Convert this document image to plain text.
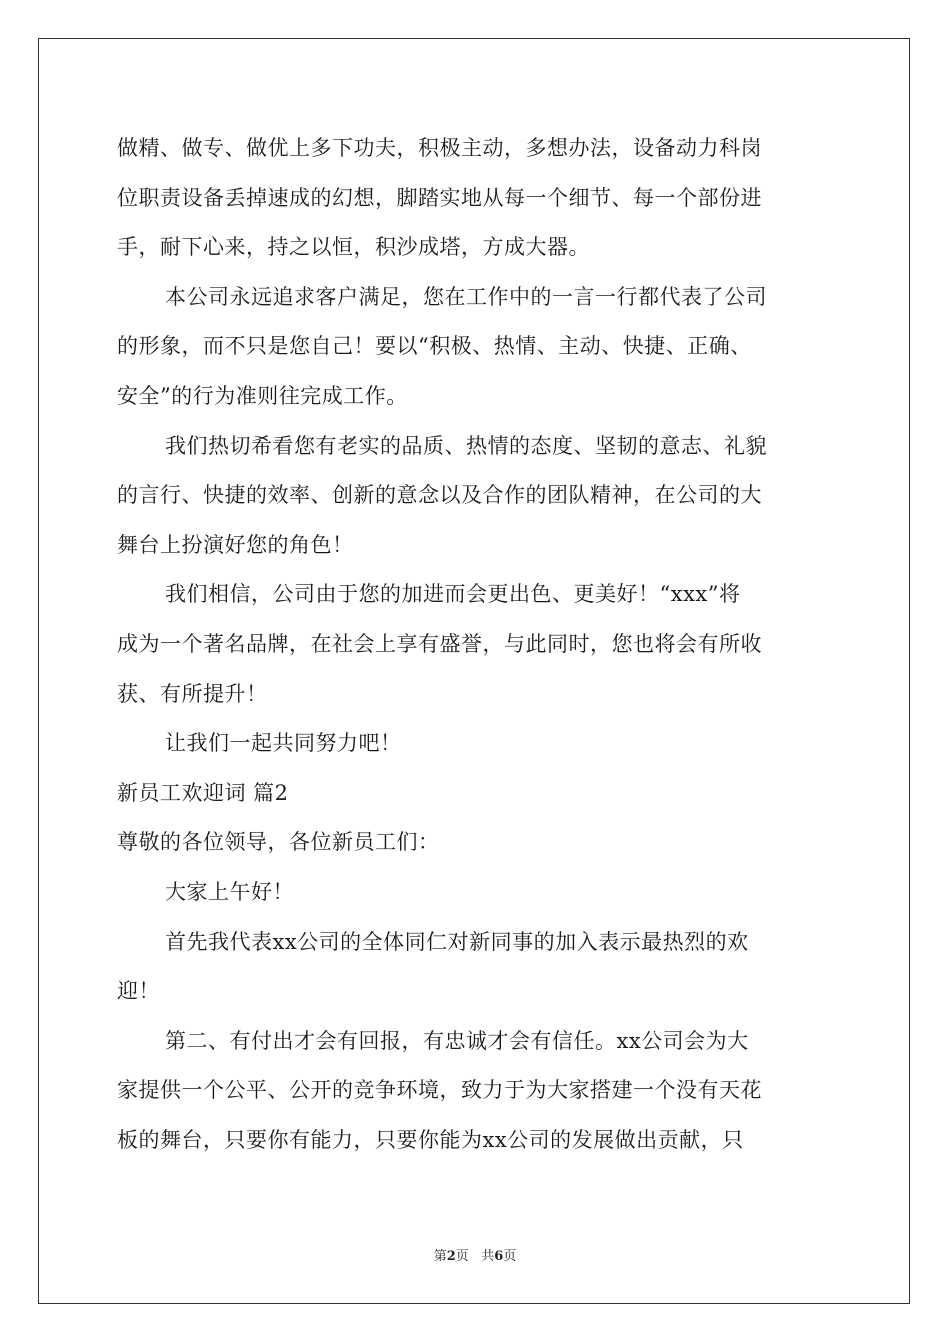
做精、做专、做优上多下功夫，积极主动，多想办法，设备动力科岗
位职责设备丢掉速成的幻想，脚踏实地从每一个细节、每一个部份进
手，耐下心来，持之以恒，积沙成塔，方成大器。
本公司永远追求客户满足，您在工作中的一言一行都代表了公司
的形象，而不只是您自己！要以“积极、热情、主动、快捷、正确、
安全”的行为准则往完成工作。
我们热切希看您有老实的品质、热情的态度、坚韧的意志、礼貌
的言行、快捷的效率、创新的意念以及合作的团队精神，在公司的大
舞台上扮演好您的角色！
我们相信，公司由于您的加进而会更出色、更美好！“xxx”将
成为一个著名品牌，在社会上享有盛誉，与此同时，您也将会有所收
获、有所提升！
让我们一起共同努力吧！
新员工欢迎词 篇2
尊敬的各位领导，各位新员工们：
大家上午好！
首先我代表xx公司的全体同仁对新同事的加入表示最热烈的欢
迎！
第二、有付出才会有回报，有忠诚才会有信任。xx公司会为大
家提供一个公平、公开的竞争环境，致力于为大家搭建一个没有天花
板的舞台，只要你有能力，只要你能为xx公司的发展做出贡献，只
第2页 共6页
